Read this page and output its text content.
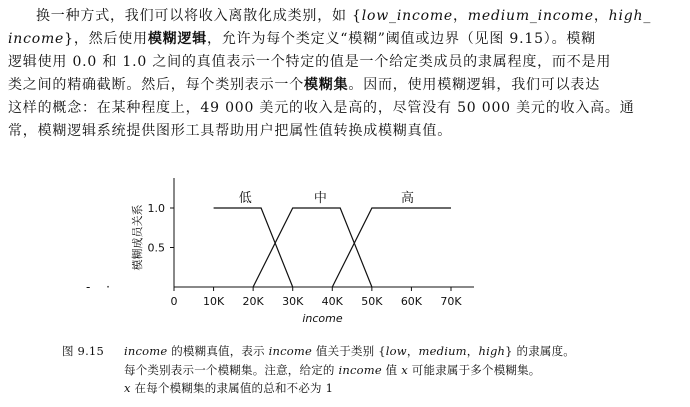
换一种方式，我们可以将收入离散化成类别，如 {low_income，medium_income，high_
income}，然后使用模糊逻辑，允许为每个类定义“模糊”阈值或边界（见图 9.15）。模糊
逻辑使用 0.0 和 1.0 之间的真值表示一个特定的值是一个给定类成员的隶属程度，而不是用
类之间的精确截断。然后，每个类别表示一个模糊集。因而，使用模糊逻辑，我们可以表达
这样的概念：在某种程度上，49 000 美元的收入是高的，尽管没有 50 000 美元的收入高。通
常，模糊逻辑系统提供图形工具帮助用户把属性值转换成模糊真值。
- ·
0 10K 20K 30K 40K 50K 60K 70K
0.5
1.0
income
模糊成员关系
低	中	高
图 9.15 income 的模糊真值，表示 income 值关于类别 {low，medium，high} 的隶属度。
每个类别表示一个模糊集。注意，给定的 income 值 x 可能隶属于多个模糊集。
x 在每个模糊集的隶属值的总和不必为 1
